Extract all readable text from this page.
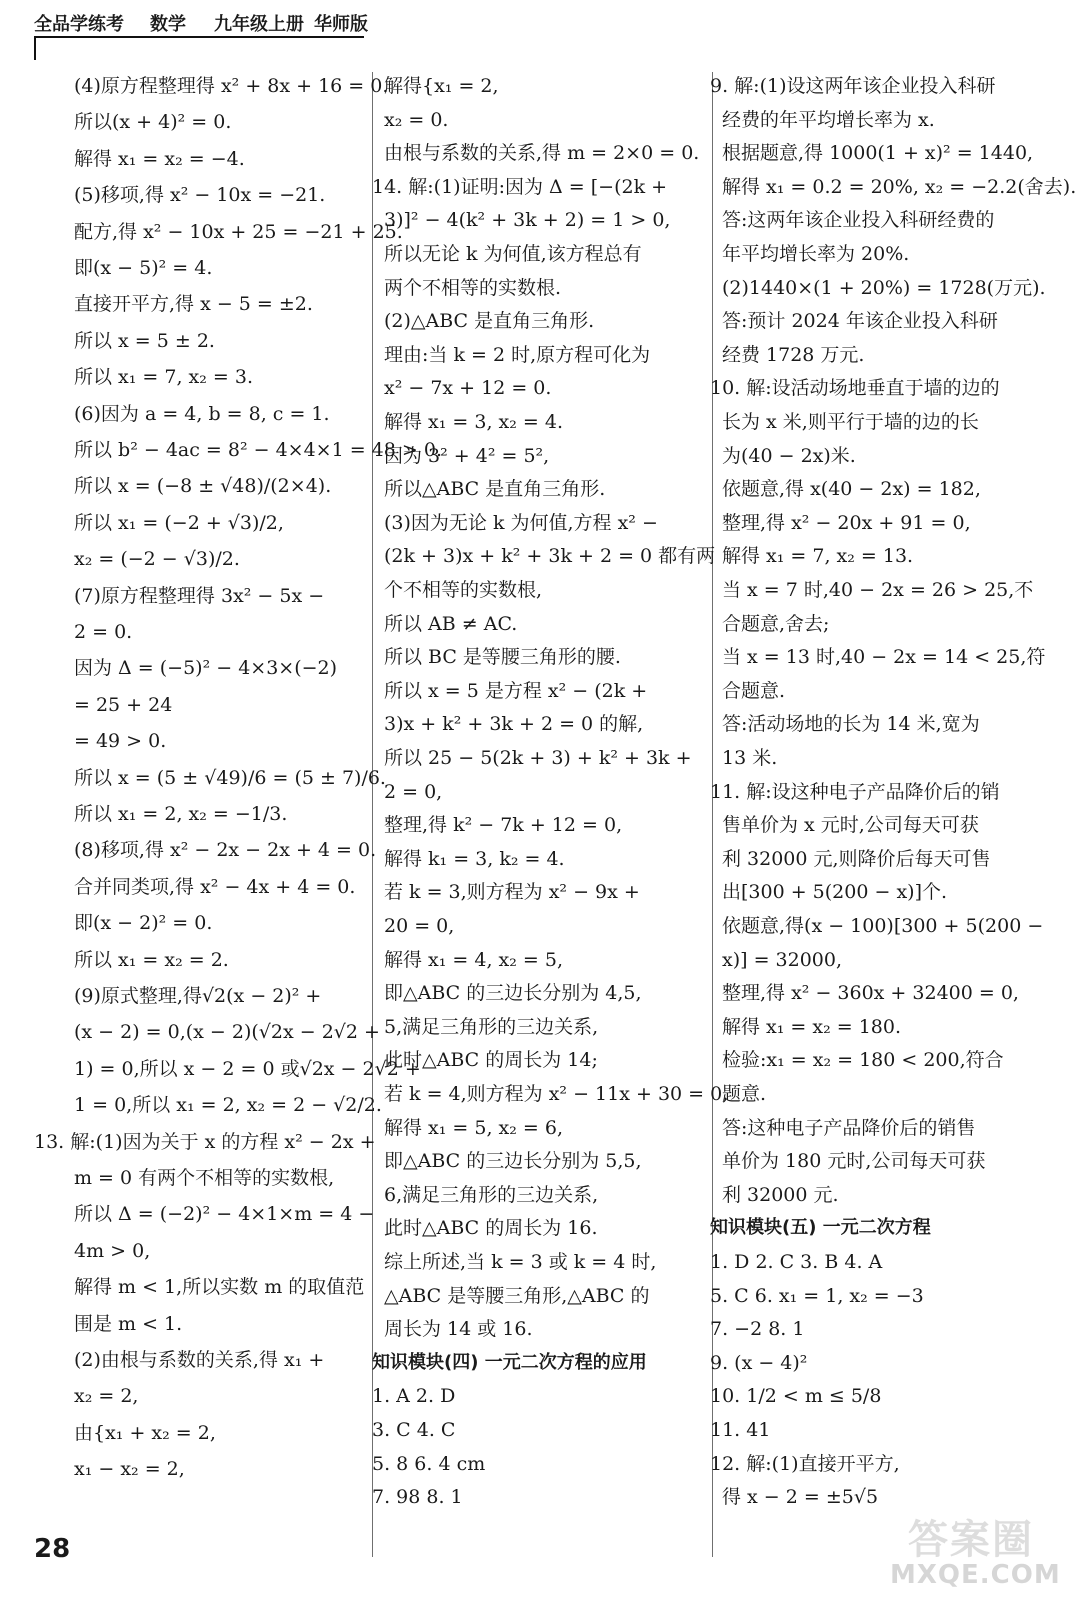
全品学练考 数学 九年级上册 华师版
(4)原方程整理得 x² + 8x + 16 = 0.
所以(x + 4)² = 0.
解得 x₁ = x₂ = −4.
(5)移项,得 x² − 10x = −21.
配方,得 x² − 10x + 25 = −21 + 25.
即(x − 5)² = 4.
直接开平方,得 x − 5 = ±2.
所以 x = 5 ± 2.
所以 x₁ = 7, x₂ = 3.
(6)因为 a = 4, b = 8, c = 1.
所以 b² − 4ac = 8² − 4×4×1 = 48 > 0.
所以 x = (−8 ± √48)/(2×4).
所以 x₁ = (−2 + √3)/2,
x₂ = (−2 − √3)/2.
(7)原方程整理得 3x² − 5x −
2 = 0.
因为 Δ = (−5)² − 4×3×(−2)
= 25 + 24
= 49 > 0.
所以 x = (5 ± √49)/6 = (5 ± 7)/6.
所以 x₁ = 2, x₂ = −1/3.
(8)移项,得 x² − 2x − 2x + 4 = 0.
合并同类项,得 x² − 4x + 4 = 0.
即(x − 2)² = 0.
所以 x₁ = x₂ = 2.
(9)原式整理,得√2(x − 2)² +
(x − 2) = 0,(x − 2)(√2x − 2√2 +
1) = 0,所以 x − 2 = 0 或√2x − 2√2 +
1 = 0,所以 x₁ = 2, x₂ = 2 − √2/2.
13. 解:(1)因为关于 x 的方程 x² − 2x +
m = 0 有两个不相等的实数根,
所以 Δ = (−2)² − 4×1×m = 4 −
4m > 0,
解得 m < 1,所以实数 m 的取值范
围是 m < 1.
(2)由根与系数的关系,得 x₁ +
x₂ = 2,
由{x₁ + x₂ = 2,
x₁ − x₂ = 2,
解得{x₁ = 2,
x₂ = 0.
由根与系数的关系,得 m = 2×0 = 0.
14. 解:(1)证明:因为 Δ = [−(2k +
3)]² − 4(k² + 3k + 2) = 1 > 0,
所以无论 k 为何值,该方程总有
两个不相等的实数根.
(2)△ABC 是直角三角形.
理由:当 k = 2 时,原方程可化为
x² − 7x + 12 = 0.
解得 x₁ = 3, x₂ = 4.
因为 3² + 4² = 5²,
所以△ABC 是直角三角形.
(3)因为无论 k 为何值,方程 x² −
(2k + 3)x + k² + 3k + 2 = 0 都有两
个不相等的实数根,
所以 AB ≠ AC.
所以 BC 是等腰三角形的腰.
所以 x = 5 是方程 x² − (2k +
3)x + k² + 3k + 2 = 0 的解,
所以 25 − 5(2k + 3) + k² + 3k +
2 = 0,
整理,得 k² − 7k + 12 = 0,
解得 k₁ = 3, k₂ = 4.
若 k = 3,则方程为 x² − 9x +
20 = 0,
解得 x₁ = 4, x₂ = 5,
即△ABC 的三边长分别为 4,5,
5,满足三角形的三边关系,
此时△ABC 的周长为 14;
若 k = 4,则方程为 x² − 11x + 30 = 0,
解得 x₁ = 5, x₂ = 6,
即△ABC 的三边长分别为 5,5,
6,满足三角形的三边关系,
此时△ABC 的周长为 16.
综上所述,当 k = 3 或 k = 4 时,
△ABC 是等腰三角形,△ABC 的
周长为 14 或 16.
知识模块(四) 一元二次方程的应用
1. A 2. D
3. C 4. C
5. 8 6. 4 cm
7. 98 8. 1
9. 解:(1)设这两年该企业投入科研
经费的年平均增长率为 x.
根据题意,得 1000(1 + x)² = 1440,
解得 x₁ = 0.2 = 20%, x₂ = −2.2(舍去).
答:这两年该企业投入科研经费的
年平均增长率为 20%.
(2)1440×(1 + 20%) = 1728(万元).
答:预计 2024 年该企业投入科研
经费 1728 万元.
10. 解:设活动场地垂直于墙的边的
长为 x 米,则平行于墙的边的长
为(40 − 2x)米.
依题意,得 x(40 − 2x) = 182,
整理,得 x² − 20x + 91 = 0,
解得 x₁ = 7, x₂ = 13.
当 x = 7 时,40 − 2x = 26 > 25,不
合题意,舍去;
当 x = 13 时,40 − 2x = 14 < 25,符
合题意.
答:活动场地的长为 14 米,宽为
13 米.
11. 解:设这种电子产品降价后的销
售单价为 x 元时,公司每天可获
利 32000 元,则降价后每天可售
出[300 + 5(200 − x)]个.
依题意,得(x − 100)[300 + 5(200 −
x)] = 32000,
整理,得 x² − 360x + 32400 = 0,
解得 x₁ = x₂ = 180.
检验:x₁ = x₂ = 180 < 200,符合
题意.
答:这种电子产品降价后的销售
单价为 180 元时,公司每天可获
利 32000 元.
知识模块(五) 一元二次方程
1. D 2. C 3. B 4. A
5. C 6. x₁ = 1, x₂ = −3
7. −2 8. 1
9. (x − 4)²
10. 1/2 < m ≤ 5/8
11. 41
12. 解:(1)直接开平方,
得 x − 2 = ±5√5
28	答案圈
MXQE.COM
